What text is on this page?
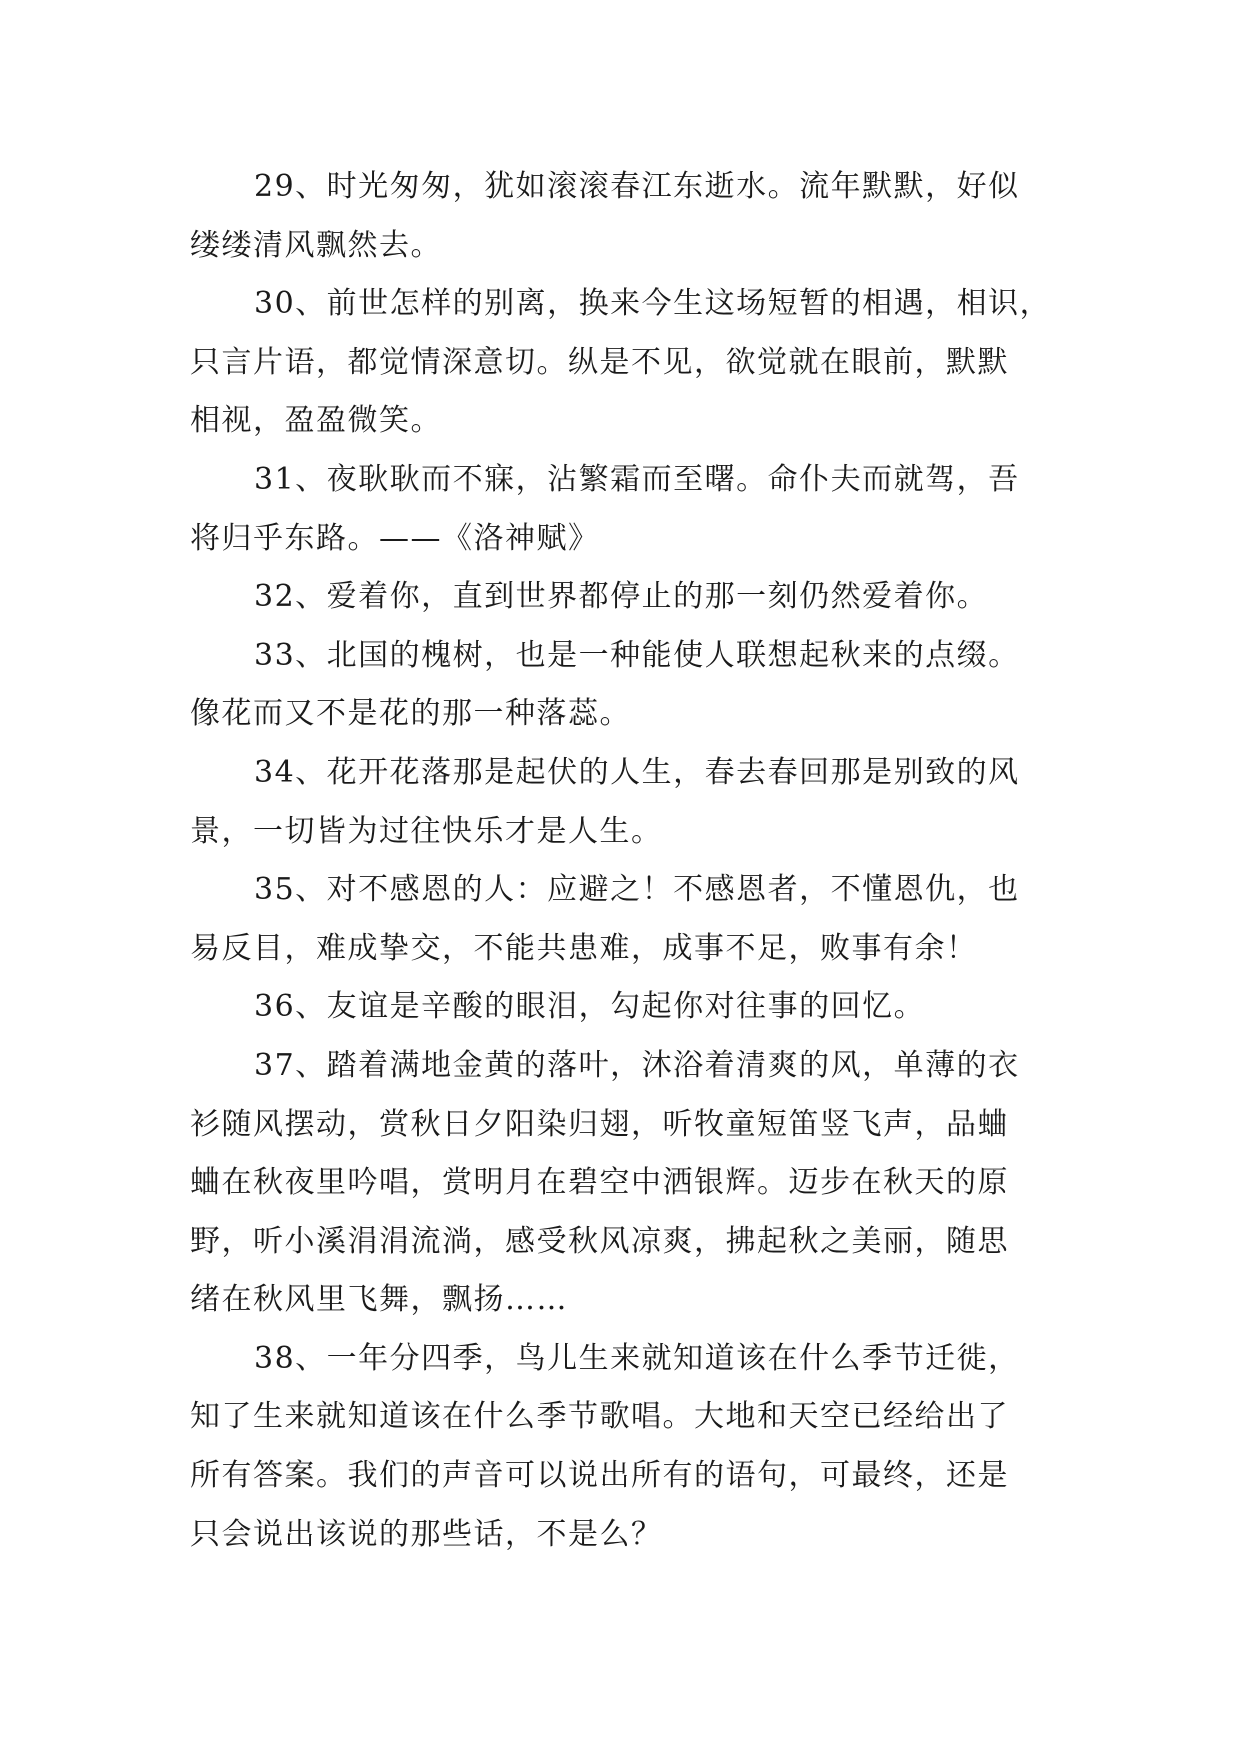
29、时光匆匆，犹如滚滚春江东逝水。流年默默，好似
缕缕清风飘然去。
30、前世怎样的别离，换来今生这场短暂的相遇，相识，
只言片语，都觉情深意切。纵是不见，欲觉就在眼前，默默
相视，盈盈微笑。
31、夜耿耿而不寐，沾繁霜而至曙。命仆夫而就驾，吾
将归乎东路。——《洛神赋》
32、爱着你，直到世界都停止的那一刻仍然爱着你。
33、北国的槐树，也是一种能使人联想起秋来的点缀。
像花而又不是花的那一种落蕊。
34、花开花落那是起伏的人生，春去春回那是别致的风
景，一切皆为过往快乐才是人生。
35、对不感恩的人：应避之！不感恩者，不懂恩仇，也
易反目，难成挚交，不能共患难，成事不足，败事有余！
36、友谊是辛酸的眼泪，勾起你对往事的回忆。
37、踏着满地金黄的落叶，沐浴着清爽的风，单薄的衣
衫随风摆动，赏秋日夕阳染归翅，听牧童短笛竖飞声，品蛐
蛐在秋夜里吟唱，赏明月在碧空中洒银辉。迈步在秋天的原
野，听小溪涓涓流淌，感受秋风凉爽，拂起秋之美丽，随思
绪在秋风里飞舞，飘扬……
38、一年分四季，鸟儿生来就知道该在什么季节迁徙，
知了生来就知道该在什么季节歌唱。大地和天空已经给出了
所有答案。我们的声音可以说出所有的语句，可最终，还是
只会说出该说的那些话，不是么？
